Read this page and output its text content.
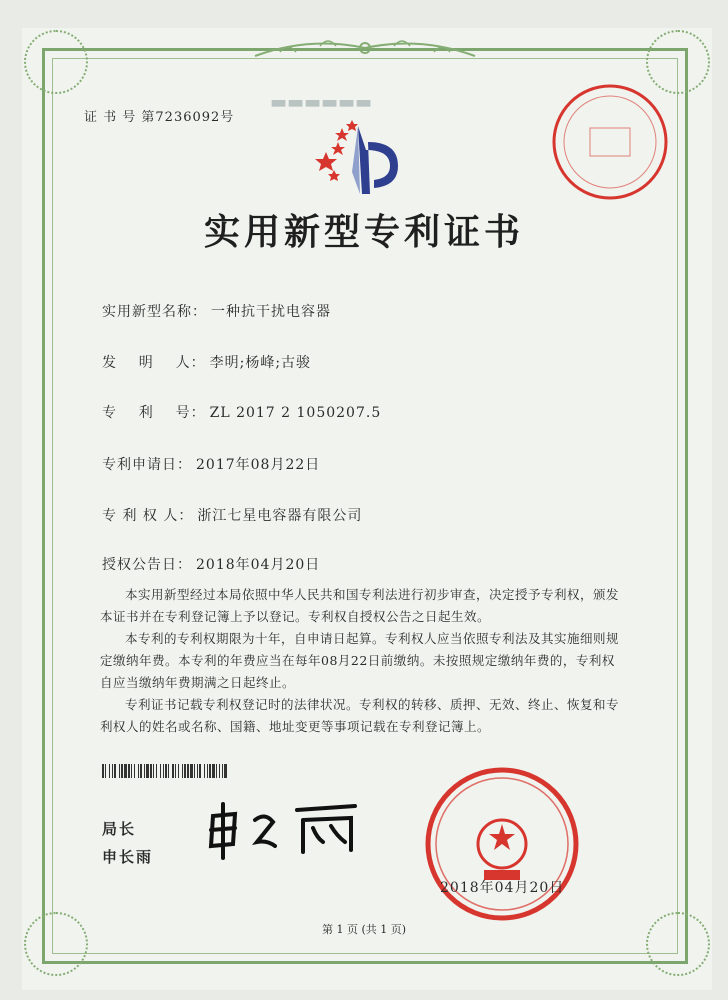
▬▬▬▬▬▬
证 书 号 第7236092号
实用新型专利证书
实用新型名称： 一种抗干扰电容器
发    明    人： 李明;杨峰;古骏
专    利    号： ZL 2017 2 1050207.5
专利申请日： 2017年08月22日
专 利 权 人： 浙江七星电容器有限公司
授权公告日： 2018年04月20日

本实用新型经过本局依照中华人民共和国专利法进行初步审查，决定授予专利权，颁发本证书并在专利登记簿上予以登记。专利权自授权公告之日起生效。

本专利的专利权期限为十年，自申请日起算。专利权人应当依照专利法及其实施细则规定缴纳年费。本专利的年费应当在每年08月22日前缴纳。未按照规定缴纳年费的，专利权自应当缴纳年费期满之日起终止。

专利证书记载专利权登记时的法律状况。专利权的转移、质押、无效、终止、恢复和专利权人的姓名或名称、国籍、地址变更等事项记载在专利登记簿上。

局长
申长雨
2018年04月20日
第 1 页 (共 1 页)
